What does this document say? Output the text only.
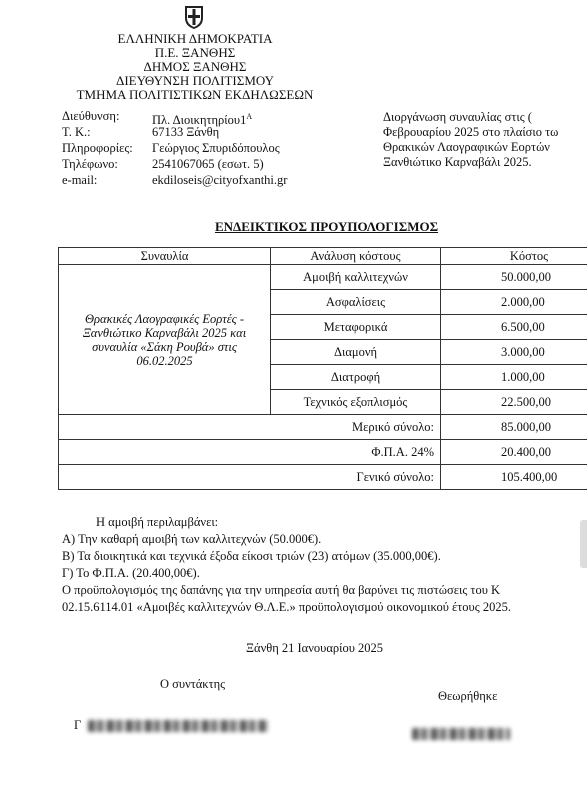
ΕΛΛΗΝΙΚΗ ΔΗΜΟΚΡΑΤΙΑ
Π.Ε. ΞΑΝΘΗΣ
ΔΗΜΟΣ ΞΑΝΘΗΣ
ΔΙΕΥΘΥΝΣΗ ΠΟΛΙΤΙΣΜΟΥ
ΤΜΗΜΑ ΠΟΛΙΤΙΣΤΙΚΩΝ ΕΚΔΗΛΩΣΕΩΝ
Διεύθυνση:	Πλ. $\Delta\iota o\iota\kappa\eta\tau\eta\rho ίo\upsilon 1^A$
Τ. Κ.:	67133 Ξάνθη
Πληροφορίες: Γεώργιος Σπυριδόπουλος
Τηλέφωνο:	2541067065 (εσωτ. 5)
e-mail:	ekdiloseis@cityofxanthi.gr
Διοργάνωση συναυλίας στις (
Φεβρουαρίου 2025 στο πλαίσιο τω
Θρακικών Λαογραφικών Εορτών
Ξανθιώτικο Καρναβάλι 2025.
ΕΝΔΕΙΚΤΙΚΟΣ ΠΡΟΥΠΟΛΟΓΙΣΜΟΣ
Συναυλία	Ανάλυση κόστους	Κόστος
Θρακικές Λαογραφικές Εορτές - Ξανθιώτικο Καρναβάλι 2025 και συναυλία «Σάκη Ρουβά» στις 06.02.2025	Αμοιβή καλλιτεχνών	50.000,00
	Ασφαλίσεις	2.000,00
	Μεταφορικά	6.500,00
	Διαμονή	3.000,00
	Διατροφή	1.000,00
	Τεχνικός εξοπλισμός	22.500,00
Μερικό σύνολο:		85.000,00
Φ.Π.Α. 24%		20.400,00
Γενικό σύνολο:		105.400,00
Η αμοιβή περιλαμβάνει:
Α) Την καθαρή αμοιβή των καλλιτεχνών (50.000€).
Β) Τα διοικητικά και τεχνικά έξοδα είκοσι τριών (23) ατόμων (35.000,00€).
Γ) Το Φ.Π.Α. (20.400,00€).
Ο προϋπολογισμός της δαπάνης για την υπηρεσία αυτή θα βαρύνει τις πιστώσεις του Κ
02.15.6114.01 «Αμοιβές καλλιτεχνών Θ.Λ.Ε.» προϋπολογισμού οικονομικού έτους 2025.
Ξάνθη 21 Ιανουαρίου 2025
Ο συντάκτης
Γ
Θεωρήθηκε
